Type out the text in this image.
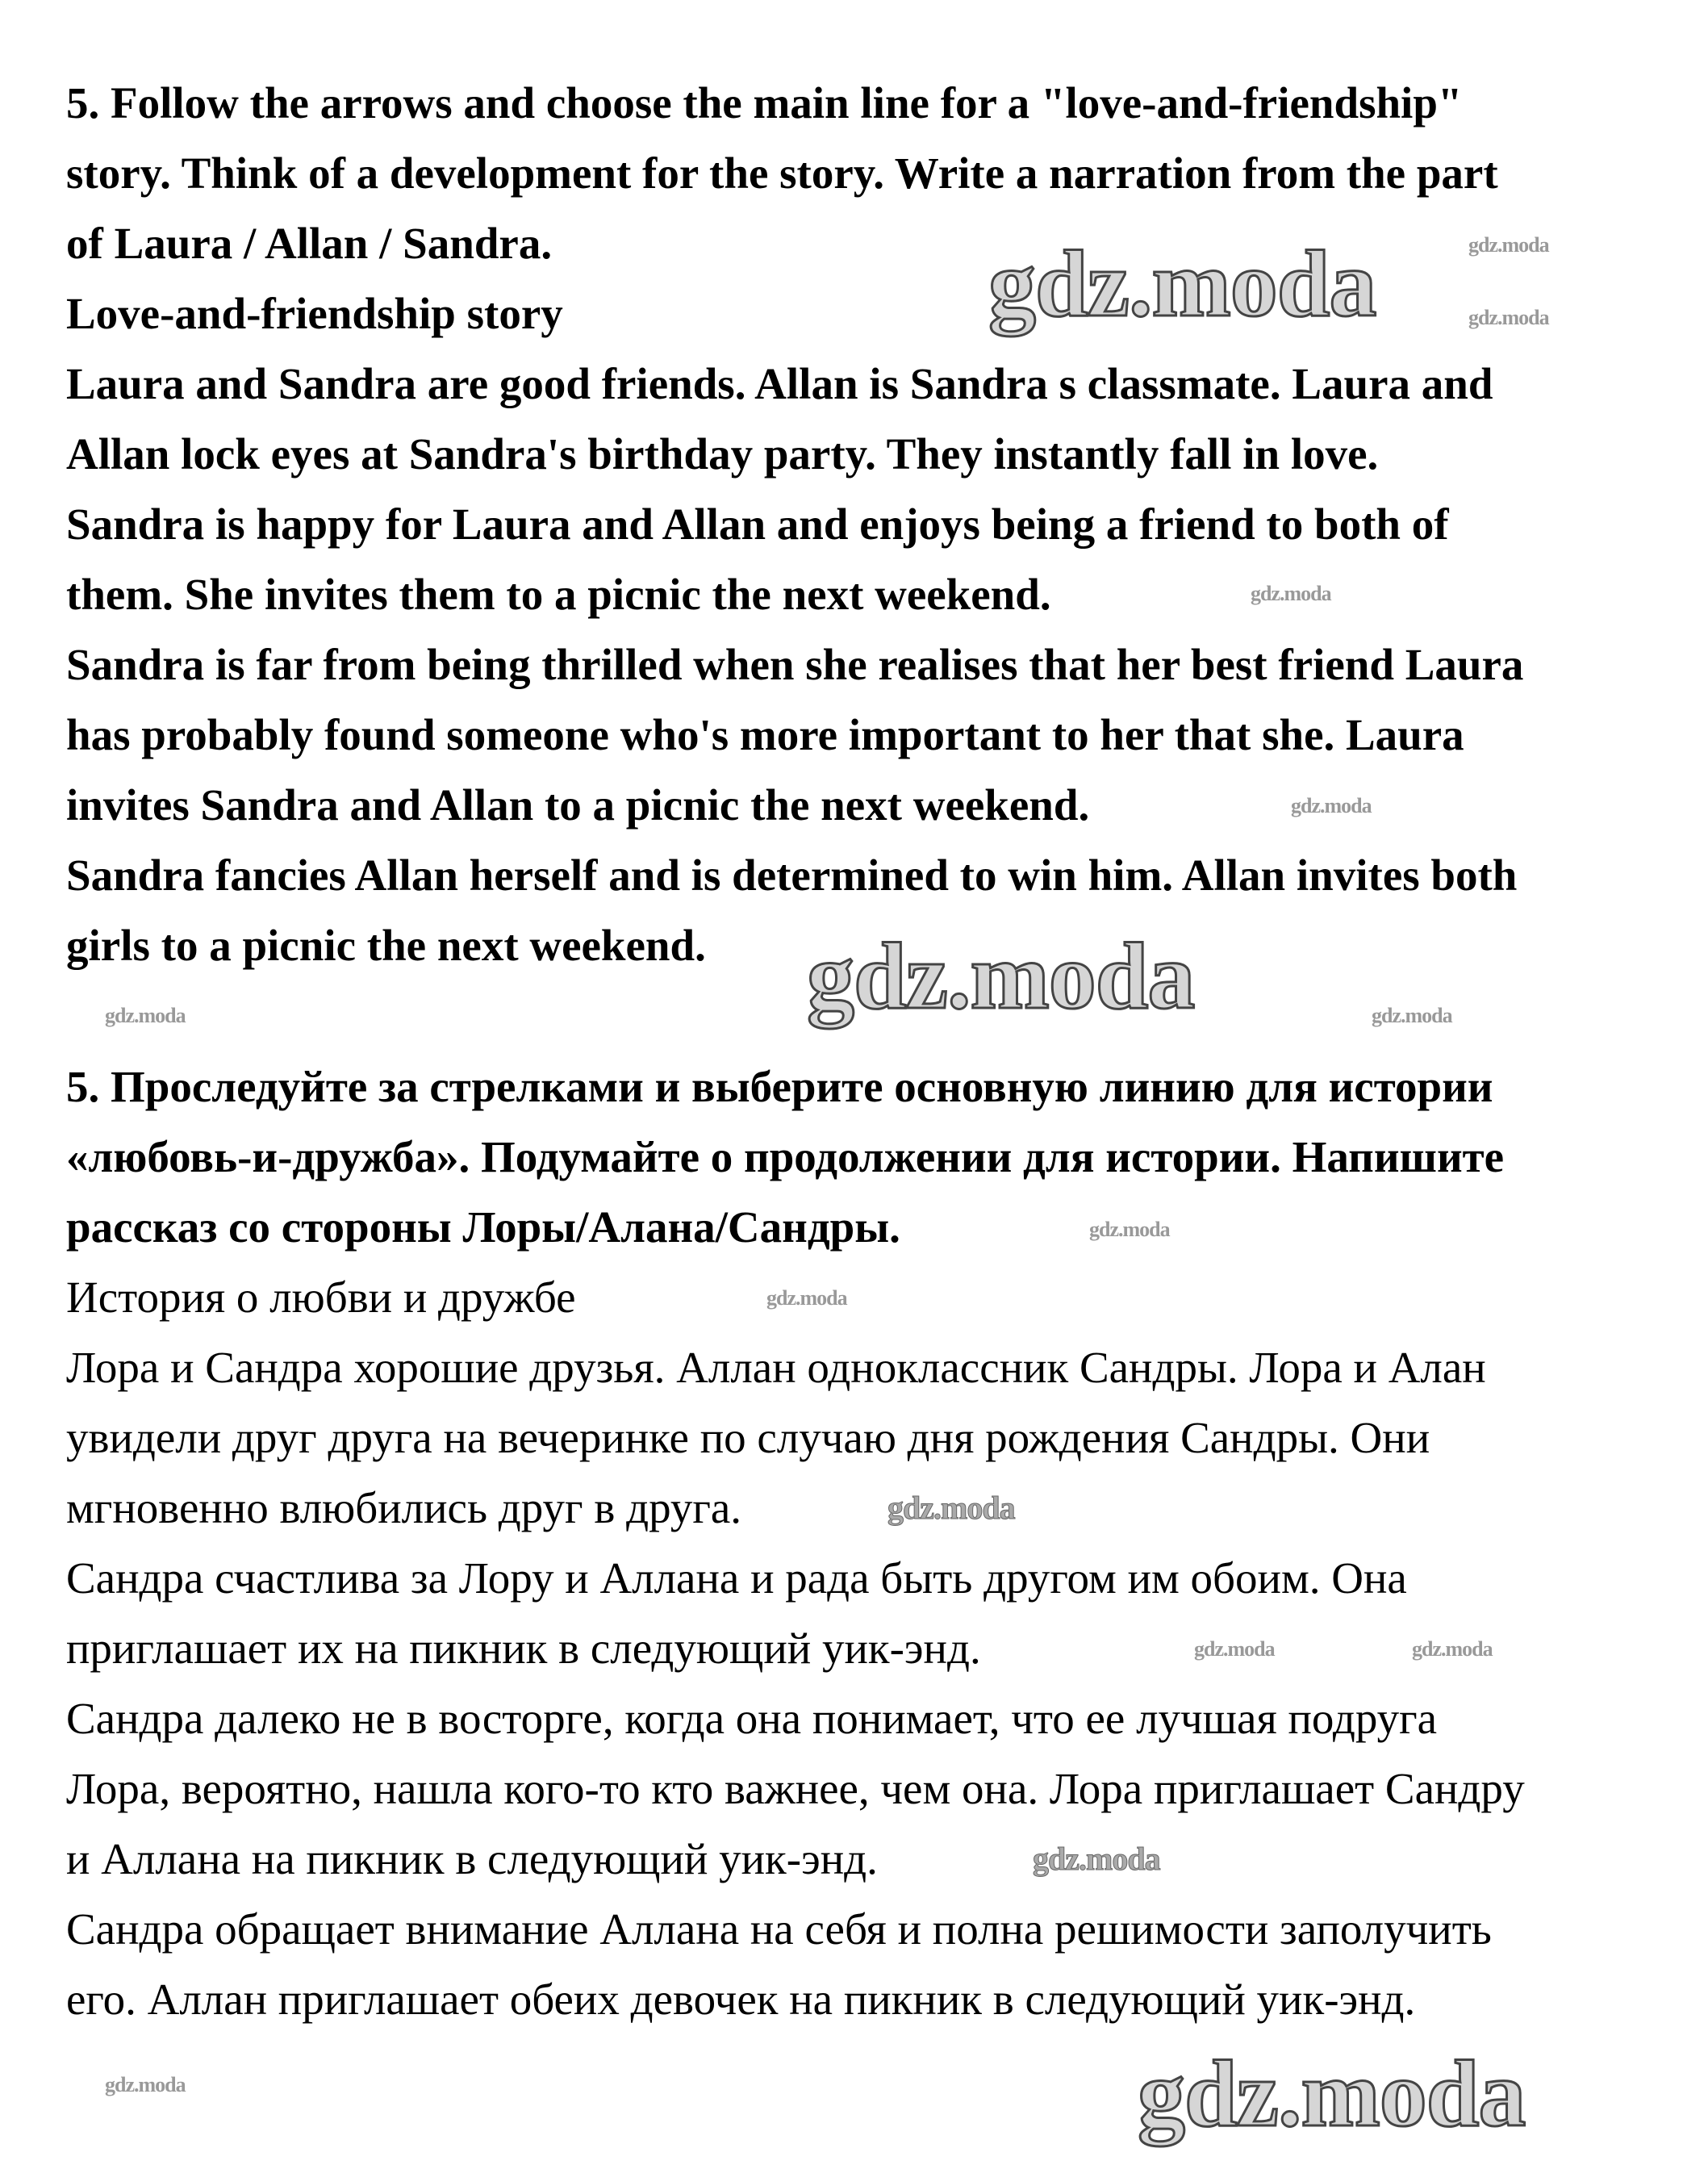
5. Follow the arrows and choose the main line for a "love-and-friendship"
story. Think of a development for the story. Write a narration from the part
of Laura / Allan / Sandra.
Love-and-friendship story
Laura and Sandra are good friends. Allan is Sandra s classmate. Laura and
Allan lock eyes at Sandra's birthday party. They instantly fall in love.
Sandra is happy for Laura and Allan and enjoys being a friend to both of
them. She invites them to a picnic the next weekend.
Sandra is far from being thrilled when she realises that her best friend Laura
has probably found someone who's more important to her that she. Laura
invites Sandra and Allan to a picnic the next weekend.
Sandra fancies Allan herself and is determined to win him. Allan invites both
girls to a picnic the next weekend.
5. Проследуйте за стрелками и выберите основную линию для истории
«любовь-и-дружба». Подумайте о продолжении для истории. Напишите
рассказ со стороны Лоры/Алана/Сандры.
История о любви и дружбе
Лора и Сандра хорошие друзья. Аллан одноклассник Сандры. Лора и Алан
увидели друг друга на вечеринке по случаю дня рождения Сандры. Они
мгновенно влюбились друг в друга.
Сандра счастлива за Лору и Аллана и рада быть другом им обоим. Она
приглашает их на пикник в следующий уик-энд.
Сандра далеко не в восторге, когда она понимает, что ее лучшая подруга
Лора, вероятно, нашла кого-то кто важнее, чем она. Лора приглашает Сандру
и Аллана на пикник в следующий уик-энд.
Сандра обращает внимание Аллана на себя и полна решимости заполучить
его. Аллан приглашает обеих девочек на пикник в следующий уик-энд.
gdz.moda
gdz.moda
gdz.moda
gdz.moda
gdz.moda
gdz.moda
gdz.moda
gdz.moda
gdz.moda
gdz.moda	gdz.moda
gdz.moda
gdz.moda
gdz.moda	gdz.moda
gdz.moda
